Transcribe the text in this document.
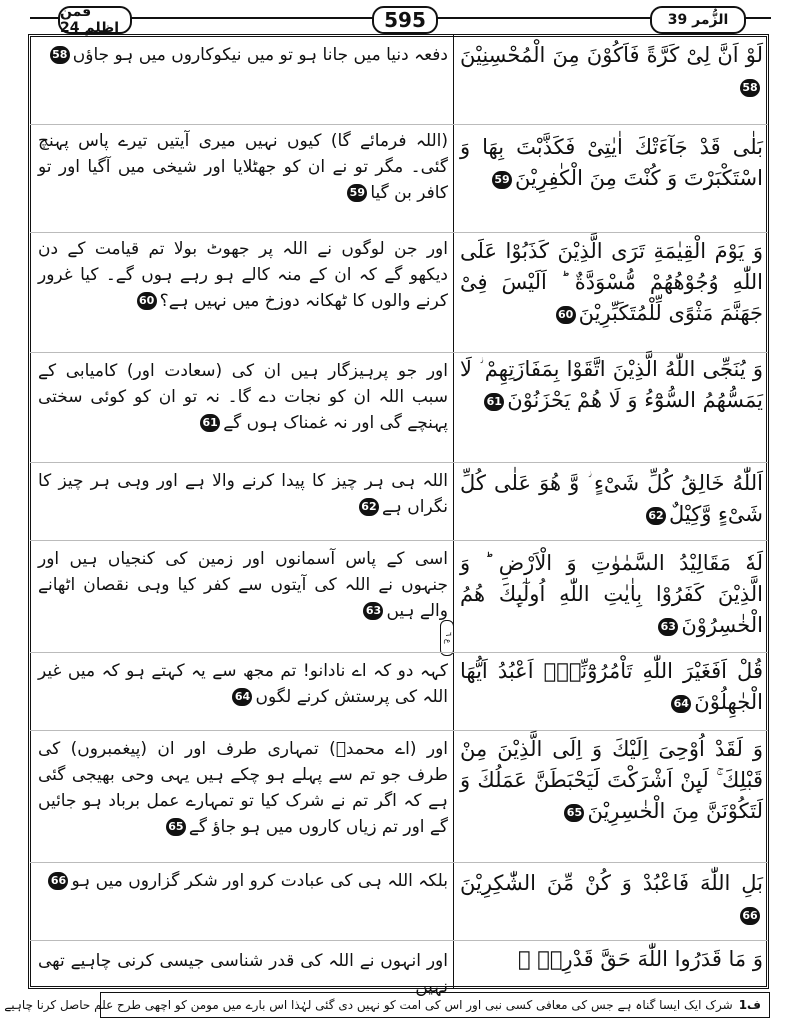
فمن اظلم 24	595	الزُّمر 39
ع ٦
لَوْ اَنَّ لِیْ كَرَّةً فَاَكُوْنَ مِنَ الْمُحْسِنِیْنَ58
بَلٰى قَدْ جَآءَتْكَ اٰیٰتِیْ فَكَذَّبْتَ بِهَا وَ اسْتَكْبَرْتَ وَ كُنْتَ مِنَ الْكٰفِرِیْنَ59
وَ یَوْمَ الْقِیٰمَةِ تَرَى الَّذِیْنَ كَذَبُوْا عَلَى اللّٰهِ وُجُوْهُهُمْ مُّسْوَدَّةٌ ؕ اَلَیْسَ فِیْ جَهَنَّمَ مَثْوًى لِّلْمُتَكَبِّرِیْنَ60
وَ یُنَجِّی اللّٰهُ الَّذِیْنَ اتَّقَوْا بِمَفَازَتِهِمْ ؗ لَا یَمَسُّهُمُ السُّوْٓءُ وَ لَا هُمْ یَحْزَنُوْنَ61
اَللّٰهُ خَالِقُ كُلِّ شَیْءٍ ؗ وَّ هُوَ عَلٰى كُلِّ شَیْءٍ وَّكِیْلٌ62
لَهٗ مَقَالِیْدُ السَّمٰوٰتِ وَ الْاَرْضِ ؕ وَ الَّذِیْنَ كَفَرُوْا بِاٰیٰتِ اللّٰهِ اُولٰٓىِٕكَ هُمُ الْخٰسِرُوْنَ63
قُلْ اَفَغَیْرَ اللّٰهِ تَاْمُرُوْٓنِّیْۤ اَعْبُدُ اَیُّهَا الْجٰهِلُوْنَ64
وَ لَقَدْ اُوْحِیَ اِلَیْكَ وَ اِلَى الَّذِیْنَ مِنْ قَبْلِكَ ۚ لَىِٕنْ اَشْرَكْتَ لَیَحْبَطَنَّ عَمَلُكَ وَ لَتَكُوْنَنَّ مِنَ الْخٰسِرِیْنَ65
بَلِ اللّٰهَ فَاعْبُدْ وَ كُنْ مِّنَ الشّٰكِرِیْنَ66
وَ مَا قَدَرُوا اللّٰهَ حَقَّ قَدْرِهٖ ۗ
دفعہ دنیا میں جانا ہو تو میں نیکوکاروں میں ہو جاؤں58
(اللہ فرمائے گا) کیوں نہیں میری آیتیں تیرے پاس پہنچ گئی۔ مگر تو نے ان کو جھٹلایا اور شیخی میں آگیا اور تو کافر بن گیا59
اور جن لوگوں نے اللہ پر جھوٹ بولا تم قیامت کے دن دیکھو گے کہ ان کے منہ کالے ہو رہے ہوں گے۔ کیا غرور کرنے والوں کا ٹھکانہ دوزخ میں نہیں ہے؟60
اور جو پرہیزگار ہیں ان کی (سعادت اور) کامیابی کے سبب اللہ ان کو نجات دے گا۔ نہ تو ان کو کوئی سختی پہنچے گی اور نہ غمناک ہوں گے61
اللہ ہی ہر چیز کا پیدا کرنے والا ہے اور وہی ہر چیز کا نگراں ہے62
اسی کے پاس آسمانوں اور زمین کی کنجیاں ہیں اور جنہوں نے اللہ کی آیتوں سے کفر کیا وہی نقصان اٹھانے والے ہیں63
کہہ دو کہ اے نادانو! تم مجھ سے یہ کہتے ہو کہ میں غیر اللہ کی پرستش کرنے لگوں64
اور (اے محمدؐ) تمہاری طرف اور ان (پیغمبروں) کی طرف جو تم سے پہلے ہو چکے ہیں یہی وحی بھیجی گئی ہے کہ اگر تم نے شرک کیا تو تمہارے عمل برباد ہو جائیں گے اور تم زیاں کاروں میں ہو جاؤ گے65
بلکہ اللہ ہی کی عبادت کرو اور شکر گزاروں میں ہو66
اور انہوں نے اللہ کی قدر شناسی جیسی کرنی چاہیے تھی نہیں
ف1
شرک ایک ایسا گناہ ہے جس کی معافی کسی نبی اور اس کی امت کو نہیں دی گئی لہٰذا اس بارے میں مومن کو اچھی طرح علم حاصل کرنا چاہیے
